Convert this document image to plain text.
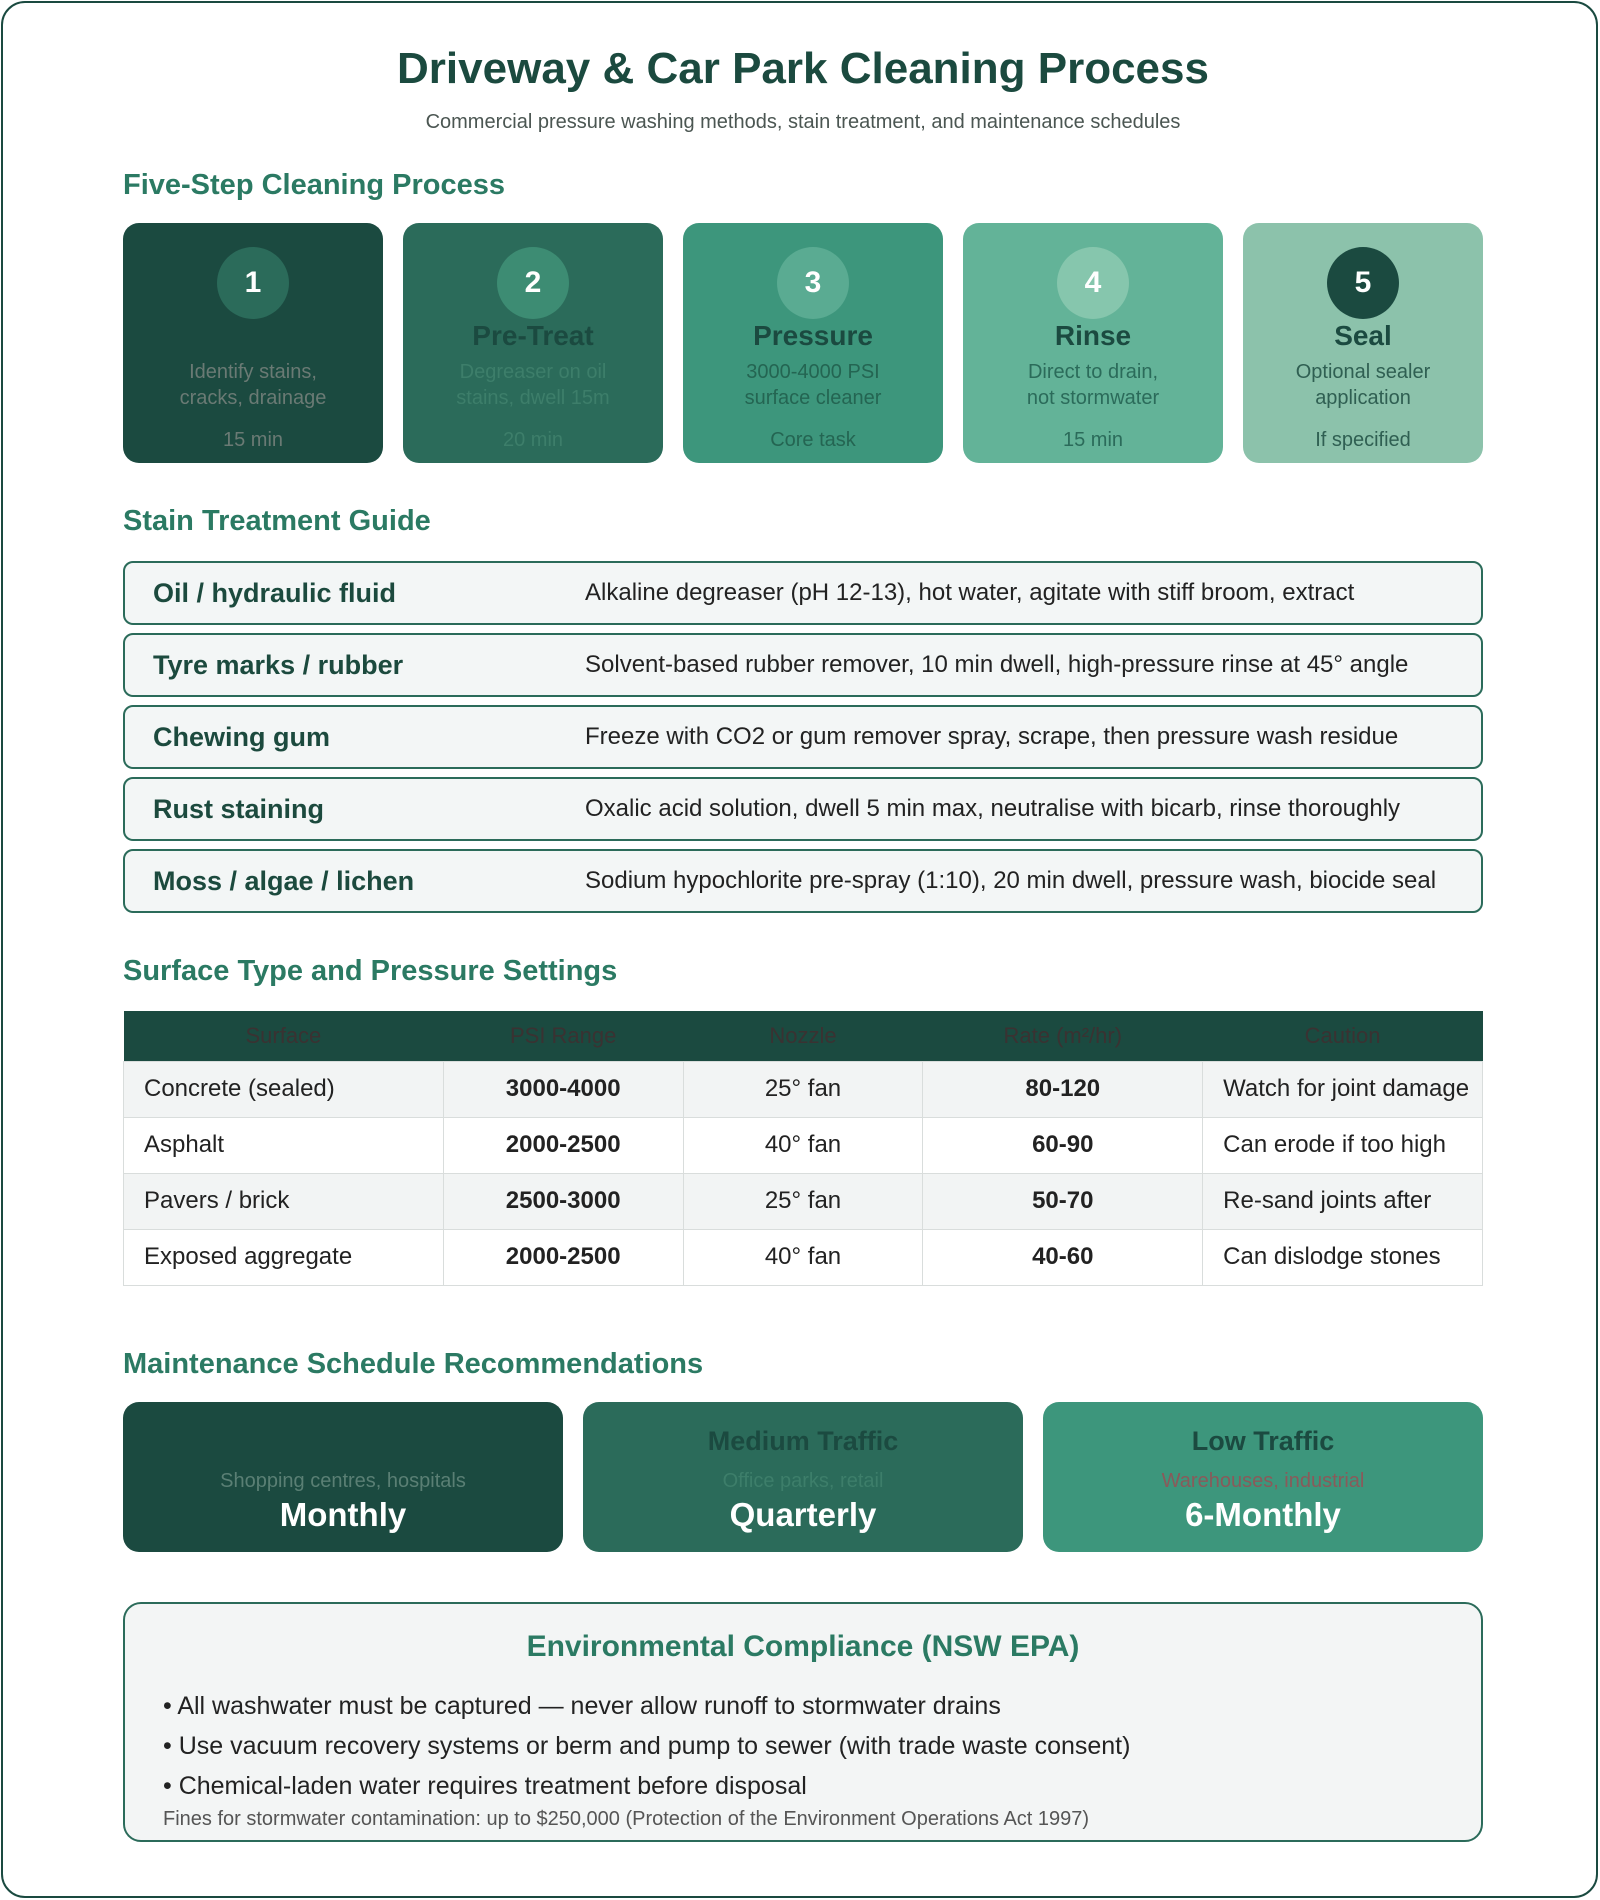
Driveway & Car Park Cleaning Process
Commercial pressure washing methods, stain treatment, and maintenance schedules
Five-Step Cleaning Process
1
Identify stains,
cracks, drainage
15 min
2
Pre-Treat
Degreaser on oil
stains, dwell 15m
20 min
3
Pressure
3000-4000 PSI
surface cleaner
Core task
4
Rinse
Direct to drain,
not stormwater
15 min
5
Seal
Optional sealer
application
If specified
Stain Treatment Guide
Oil / hydraulic fluid	Alkaline degreaser (pH 12-13), hot water, agitate with stiff broom, extract
Tyre marks / rubber	Solvent-based rubber remover, 10 min dwell, high-pressure rinse at 45° angle
Chewing gum	Freeze with CO2 or gum remover spray, scrape, then pressure wash residue
Rust staining	Oxalic acid solution, dwell 5 min max, neutralise with bicarb, rinse thoroughly
Moss / algae / lichen	Sodium hypochlorite pre-spray (1:10), 20 min dwell, pressure wash, biocide seal
Surface Type and Pressure Settings
Surface	PSI Range	Nozzle	Rate (m²/hr)	Caution
Concrete (sealed)	3000-4000	25° fan	80-120	Watch for joint damage
Asphalt	2000-2500	40° fan	60-90	Can erode if too high
Pavers / brick	2500-3000	25° fan	50-70	Re-sand joints after
Exposed aggregate	2000-2500	40° fan	40-60	Can dislodge stones
Maintenance Schedule Recommendations
Shopping centres, hospitals
Monthly
Medium Traffic
Office parks, retail
Quarterly
Low Traffic
Warehouses, industrial
6-Monthly
Environmental Compliance (NSW EPA)
• All washwater must be captured — never allow runoff to stormwater drains
• Use vacuum recovery systems or berm and pump to sewer (with trade waste consent)
• Chemical-laden water requires treatment before disposal
Fines for stormwater contamination: up to $250,000 (Protection of the Environment Operations Act 1997)
